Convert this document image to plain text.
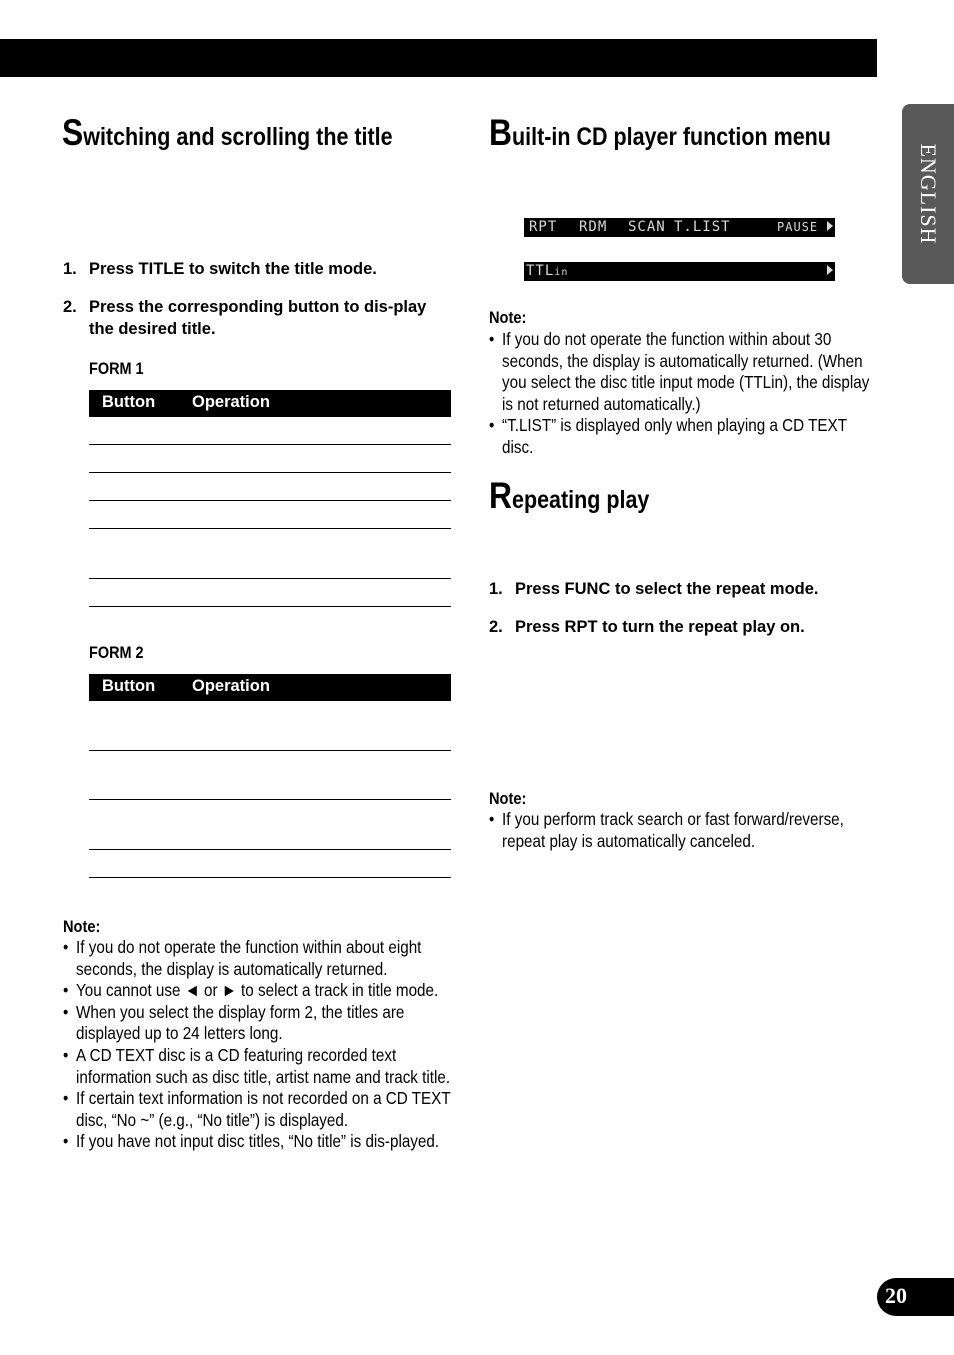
ENGLISH
Switching and scrolling the title
1. Press TITLE to switch the title mode.
2. Press the corresponding button to dis-play the desired title.
FORM 1
Button Operation
FORM 2
Button Operation
Note:
• If you do not operate the function within about eight seconds, the display is automatically returned.
• You cannot use ◄ or ► to select a track in title mode.
• When you select the display form 2, the titles are displayed up to 24 letters long.
• A CD TEXT disc is a CD featuring recorded text information such as disc title, artist name and track title.
• If certain text information is not recorded on a CD TEXT disc, “No ~” (e.g., “No title”) is displayed.
• If you have not input disc titles, “No title” is dis-played.
Built-in CD player function menu
RPT RDM SCAN T.LIST	PAUSE
TTLin
Note:
• If you do not operate the function within about 30 seconds, the display is automatically returned. (When you select the disc title input mode (TTLin), the display is not returned automatically.)
• “T.LIST” is displayed only when playing a CD TEXT disc.
Repeating play
1. Press FUNC to select the repeat mode.
2. Press RPT to turn the repeat play on.
Note:
• If you perform track search or fast forward/reverse, repeat play is automatically canceled.
20
